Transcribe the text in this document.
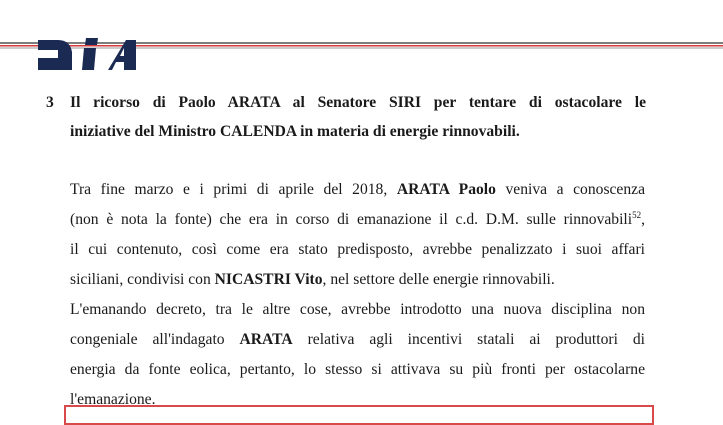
3 Il ricorso di Paolo ARATA al Senatore SIRI per tentare di ostacolare le
iniziative del Ministro CALENDA in materia di energie rinnovabili.
Tra fine marzo e i primi di aprile del 2018, ARATA Paolo veniva a conoscenza
(non è nota la fonte) che era in corso di emanazione il c.d. D.M. sulle rinnovabili$^{52}$,
il cui contenuto, così come era stato predisposto, avrebbe penalizzato i suoi affari
siciliani, condivisi con NICASTRI Vito, nel settore delle energie rinnovabili.
L'emanando decreto, tra le altre cose, avrebbe introdotto una nuova disciplina non
congeniale all'indagato ARATA relativa agli incentivi statali ai produttori di
energia da fonte eolica, pertanto, lo stesso si attivava su più fronti per ostacolarne
l'emanazione.
